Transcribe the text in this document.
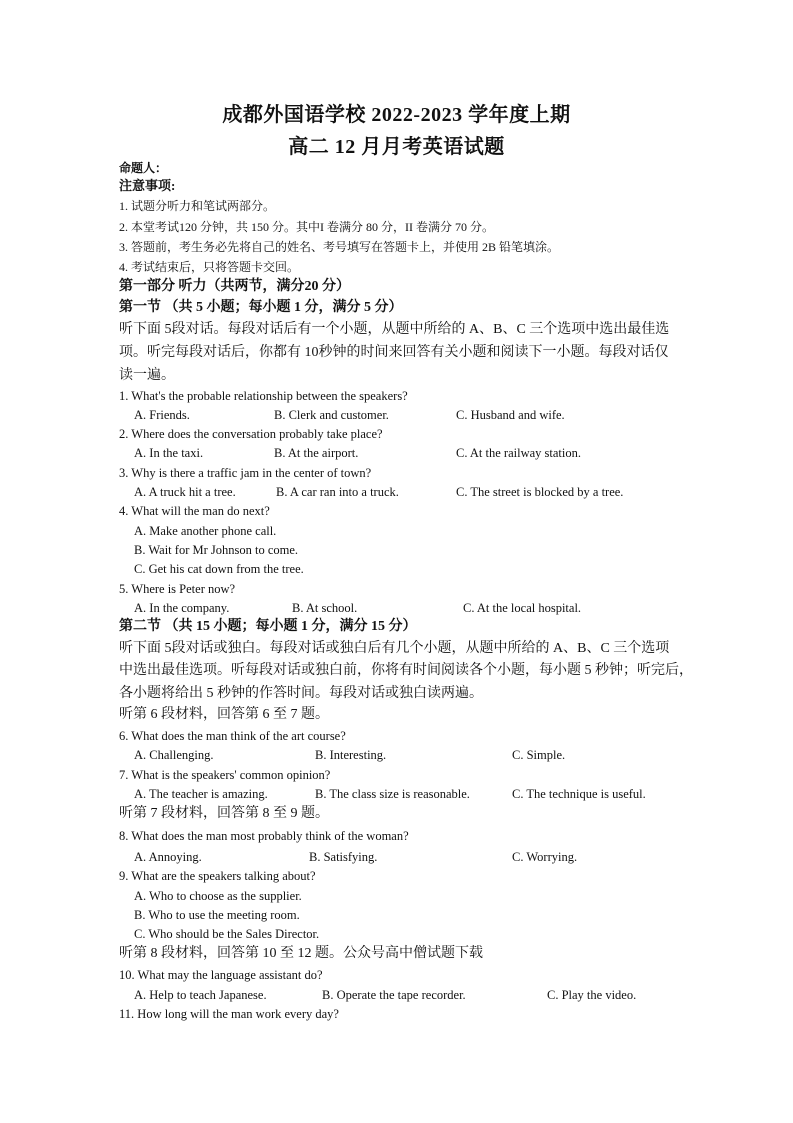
成都外国语学校 2022-2023 学年度上期
高二 12 月月考英语试题
命题人：
注意事项:
1. 试题分听力和笔试两部分。
2. 本堂考试120 分钟，共 150 分。其中I 卷满分 80 分，II 卷满分 70 分。
3. 答题前，考生务必先将自己的姓名、考号填写在答题卡上，并使用 2B 铅笔填涂。
4. 考试结束后，只将答题卡交回。
第一部分 听力（共两节，满分20 分）
第一节 （共 5 小题；每小题 1 分，满分 5 分）
听下面 5段对话。每段对话后有一个小题，从题中所给的 A、B、C 三个选项中选出最佳选
项。听完每段对话后，你都有 10秒钟的时间来回答有关小题和阅读下一小题。每段对话仅
读一遍。
1. What's the probable relationship between the speakers?
A. Friends.	B. Clerk and customer.	C. Husband and wife.
2. Where does the conversation probably take place?
A. In the taxi.	B. At the airport.	C. At the railway station.
3. Why is there a traffic jam in the center of town?
A. A truck hit a tree.	B. A car ran into a truck.	C. The street is blocked by a tree.
4. What will the man do next?
A. Make another phone call.
B. Wait for Mr Johnson to come.
C. Get his cat down from the tree.
5. Where is Peter now?
A. In the company.	B. At school.	C. At the local hospital.
第二节 （共 15 小题；每小题 1 分，满分 15 分）
听下面 5段对话或独白。每段对话或独白后有几个小题，从题中所给的 A、B、C 三个选项
中选出最佳选项。听每段对话或独白前，你将有时间阅读各个小题，每小题 5 秒钟；听完后，
各小题将给出 5 秒钟的作答时间。每段对话或独白读两遍。
听第 6 段材料，回答第 6 至 7 题。
6. What does the man think of the art course?
A. Challenging.	B. Interesting.	C. Simple.
7. What is the speakers' common opinion?
A. The teacher is amazing.	B. The class size is reasonable.	C. The technique is useful.
听第 7 段材料，回答第 8 至 9 题。
8. What does the man most probably think of the woman?
A. Annoying.	B. Satisfying.	C. Worrying.
9. What are the speakers talking about?
A. Who to choose as the supplier.
B. Who to use the meeting room.
C. Who should be the Sales Director.
听第 8 段材料，回答第 10 至 12 题。公众号高中僧试题下载
10. What may the language assistant do?
A. Help to teach Japanese.	B. Operate the tape recorder.	C. Play the video.
11. How long will the man work every day?
